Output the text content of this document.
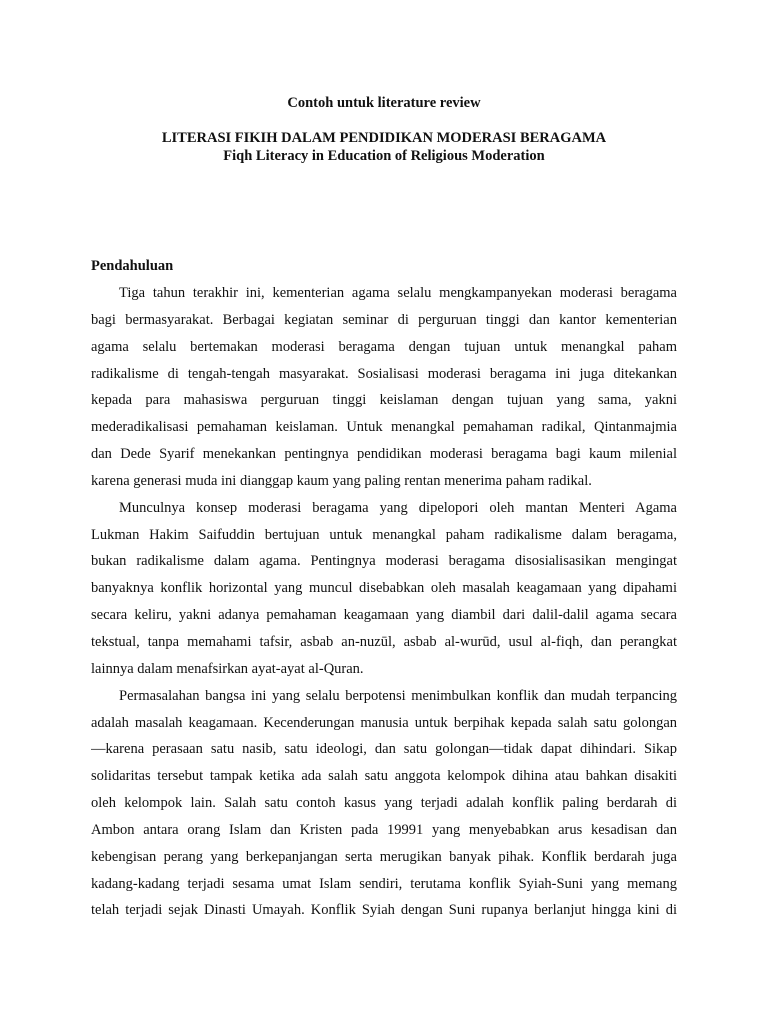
Contoh untuk literature review
LITERASI FIKIH DALAM PENDIDIKAN MODERASI BERAGAMA
Fiqh Literacy in Education of Religious Moderation
Pendahuluan
Tiga tahun terakhir ini, kementerian agama selalu mengkampanyekan moderasi beragama
bagi bermasyarakat. Berbagai kegiatan seminar di perguruan tinggi dan kantor kementerian
agama selalu bertemakan moderasi beragama dengan tujuan untuk menangkal paham
radikalisme di tengah-tengah masyarakat. Sosialisasi moderasi beragama ini juga ditekankan
kepada para mahasiswa perguruan tinggi keislaman dengan tujuan yang sama, yakni
mederadikalisasi pemahaman keislaman. Untuk menangkal pemahaman radikal, Qintanmajmia
dan Dede Syarif menekankan pentingnya pendidikan moderasi beragama bagi kaum milenial
karena generasi muda ini dianggap kaum yang paling rentan menerima paham radikal.
Munculnya konsep moderasi beragama yang dipelopori oleh mantan Menteri Agama
Lukman Hakim Saifuddin bertujuan untuk menangkal paham radikalisme dalam beragama,
bukan radikalisme dalam agama. Pentingnya moderasi beragama disosialisasikan mengingat
banyaknya konflik horizontal yang muncul disebabkan oleh masalah keagamaan yang dipahami
secara keliru, yakni adanya pemahaman keagamaan yang diambil dari dalil-dalil agama secara
tekstual, tanpa memahami tafsir, asbab an-nuzūl, asbab al-wurūd, usul al-fiqh, dan perangkat
lainnya dalam menafsirkan ayat-ayat al-Quran.
Permasalahan bangsa ini yang selalu berpotensi menimbulkan konflik dan mudah terpancing
adalah masalah keagamaan. Kecenderungan manusia untuk berpihak kepada salah satu golongan
—karena perasaan satu nasib, satu ideologi, dan satu golongan—tidak dapat dihindari. Sikap
solidaritas tersebut tampak ketika ada salah satu anggota kelompok dihina atau bahkan disakiti
oleh kelompok lain. Salah satu contoh kasus yang terjadi adalah konflik paling berdarah di
Ambon antara orang Islam dan Kristen pada 19991 yang menyebabkan arus kesadisan dan
kebengisan perang yang berkepanjangan serta merugikan banyak pihak. Konflik berdarah juga
kadang-kadang terjadi sesama umat Islam sendiri, terutama konflik Syiah-Suni yang memang
telah terjadi sejak Dinasti Umayah. Konflik Syiah dengan Suni rupanya berlanjut hingga kini di
